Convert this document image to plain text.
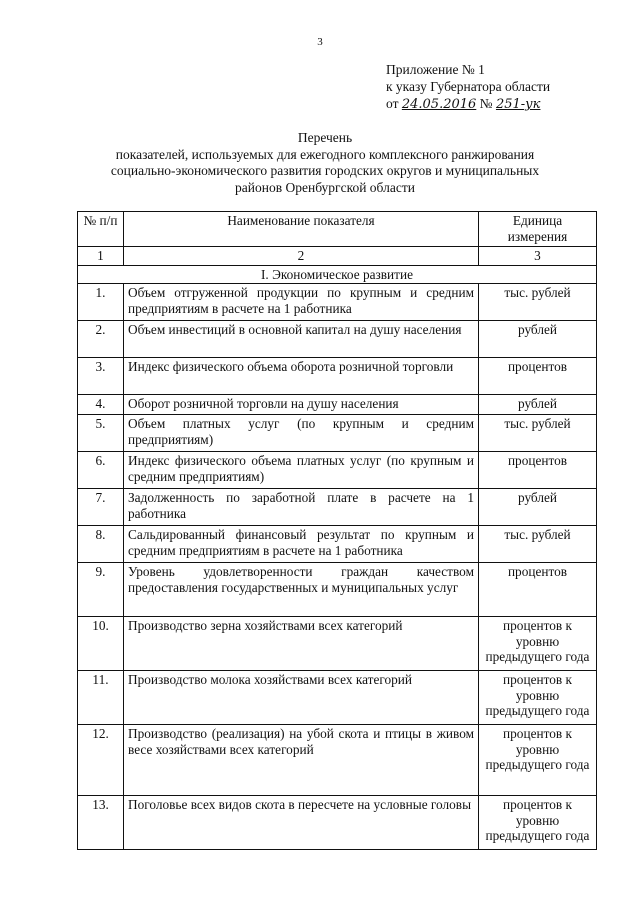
3
Приложение № 1
к указу Губернатора области
от 24.05.2016 № 251-ук
Перечень
показателей, используемых для ежегодного комплексного ранжирования
социально-экономического развития городских округов и муниципальных
районов Оренбургской области
№ п/п	Наименование показателя	Единица измерения
1	2	3
I. Экономическое развитие		
1.	Объем отгруженной продукции по крупным и средним предприятиям в расчете на 1 работника	тыс. рублей
2.	Объем инвестиций в основной капитал на душу населения	рублей
3.	Индекс физического объема оборота розничной торговли	процентов
4.	Оборот розничной торговли на душу населения	рублей
5.	Объем платных услуг (по крупным и средним предприятиям)	тыс. рублей
6.	Индекс физического объема платных услуг (по крупным и средним предприятиям)	процентов
7.	Задолженность по заработной плате в расчете на 1 работника	рублей
8.	Сальдированный финансовый результат по крупным и средним предприятиям в расчете на 1 работника	тыс. рублей
9.	Уровень удовлетворенности граждан качеством предоставления государственных и муниципальных услуг	процентов
10.	Производство зерна хозяйствами всех категорий	процентов к уровню предыдущего года
11.	Производство молока хозяйствами всех категорий	процентов к уровню предыдущего года
12.	Производство (реализация) на убой скота и птицы в живом весе хозяйствами всех категорий	процентов к уровню предыдущего года
13.	Поголовье всех видов скота в пересчете на условные головы	процентов к уровню предыдущего года
